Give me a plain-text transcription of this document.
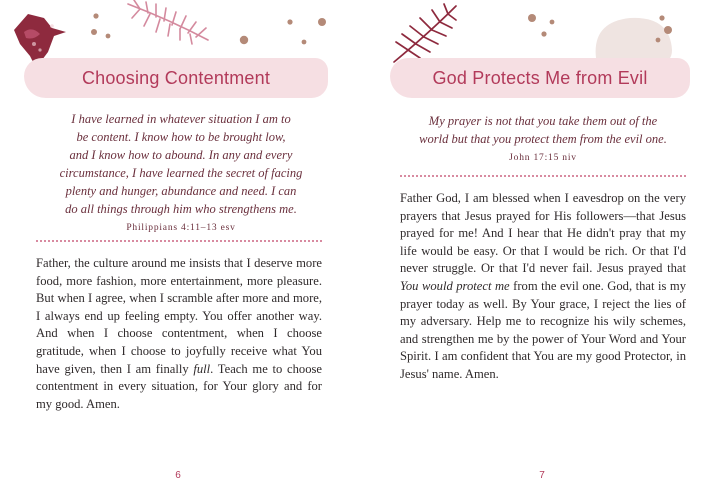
Choosing Contentment

I have learned in whatever situation I am to

be content. I know how to be brought low,

and I know how to abound. In any and every

circumstance, I have learned the secret of facing

plenty and hunger, abundance and need. I can

do all things through him who strengthens me.

Philippians 4:11–13 esv
Father, the culture around me insists that I deserve more food, more fashion, more entertainment, more pleasure. But when I agree, when I scramble after more and more, I always end up feeling empty. You offer another way. And when I choose contentment, when I choose gratitude, when I choose to joyfully receive what You have given, then I am finally full. Teach me to choose contentment in every situation, for Your glory and for my good. Amen.
6
God Protects Me from Evil

My prayer is not that you take them out of the

world but that you protect them from the evil one.

John 17:15 niv
Father God, I am blessed when I eavesdrop on the very prayers that Jesus prayed for His followers—that Jesus prayed for me! And I hear that He didn't pray that my life would be easy. Or that I would be rich. Or that I'd never struggle. Or that I'd never fail. Jesus prayed that You would protect me from the evil one. God, that is my prayer today as well. By Your grace, I reject the lies of my adversary. Help me to recognize his wily schemes, and strengthen me by the power of Your Word and Your Spirit. I am confident that You are my good Protector, in Jesus' name. Amen.
7
